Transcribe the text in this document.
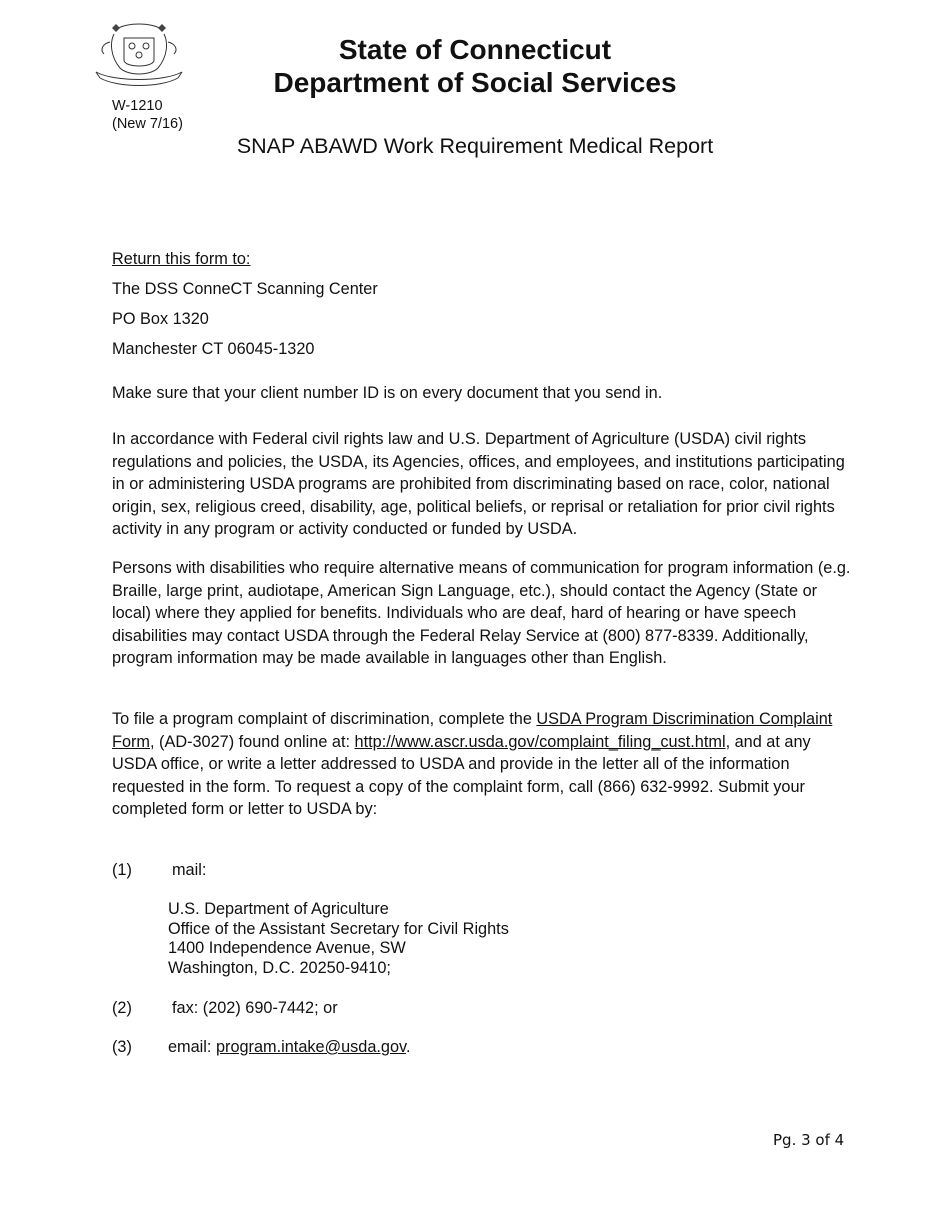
W-1210
(New 7/16)
State of Connecticut
Department of Social Services
SNAP ABAWD Work Requirement Medical Report
Return this form to:
The DSS ConneCT Scanning Center
PO Box 1320
Manchester CT 06045-1320
Make sure that your client number ID is on every document that you send in.

In accordance with Federal civil rights law and U.S. Department of Agriculture (USDA) civil rights regulations and policies, the USDA, its Agencies, offices, and employees, and institutions participating in or administering USDA programs are prohibited from discriminating based on race, color, national origin, sex, religious creed, disability, age, political beliefs, or reprisal or retaliation for prior civil rights activity in any program or activity conducted or funded by USDA.

Persons with disabilities who require alternative means of communication for program information (e.g. Braille, large print, audiotape, American Sign Language, etc.), should contact the Agency (State or local) where they applied for benefits. Individuals who are deaf, hard of hearing or have speech disabilities may contact USDA through the Federal Relay Service at (800) 877-8339. Additionally, program information may be made available in languages other than English.

To file a program complaint of discrimination, complete the USDA Program Discrimination Complaint Form, (AD-3027) found online at: http://www.ascr.usda.gov/complaint_filing_cust.html, and at any USDA office, or write a letter addressed to USDA and provide in the letter all of the information requested in the form. To request a copy of the complaint form, call (866) 632-9992. Submit your completed form or letter to USDA by:

(1) mail:
U.S. Department of Agriculture
Office of the Assistant Secretary for Civil Rights
1400 Independence Avenue, SW
Washington, D.C. 20250-9410;
(2) fax: (202) 690-7442; or
(3) email: program.intake@usda.gov.
Pg. 3 of 4
